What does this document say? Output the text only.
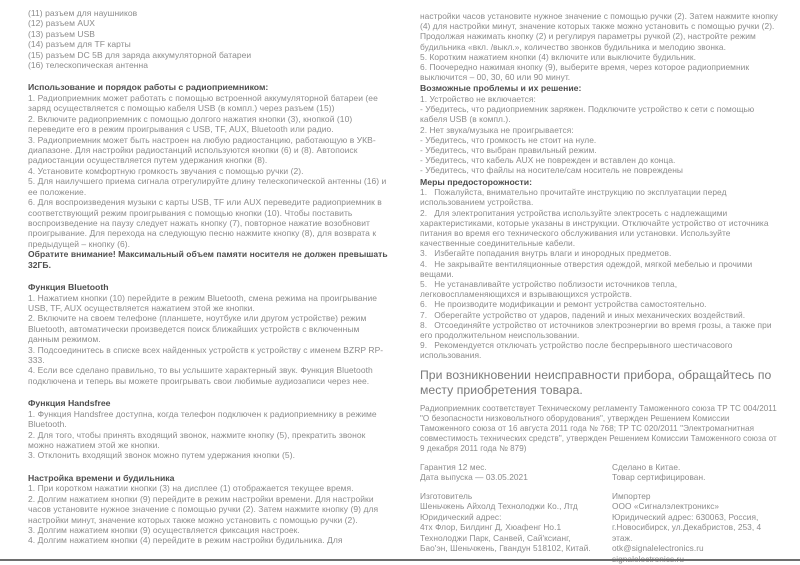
(11) разъем для наушников

(12) разъем AUX

(13) разъем USB

(14) разъем для TF карты

(15) разъем DC 5B для заряда аккумуляторной батареи

(16) телескопическая антенна

Использование и порядок работы с радиоприемником:

1. Радиоприемник может работать с помощью встроенной аккумуляторной батареи (ее заряд осуществляется с помощью кабеля USB (в компл.) через разъем (15))

2. Включите радиоприемник с помощью долгого нажатия кнопки (3), кнопкой (10) переведите его в режим проигрывания с USB, TF, AUX, Bluetooth или радио.

3. Радиоприемник может быть настроен на любую радиостанцию, работающую в УКВ-диапазоне. Для настройки радиостанций используются кнопки (6) и (8). Автопоиск радиостанции осуществляется путем удержания кнопки (8).

4. Установите комфортную громкость звучания с помощью ручки (2).

5. Для наилучшего приема сигнала отрегулируйте длину телескопической антенны (16) и ее положение.

6. Для воспроизведения музыки с карты USB, TF или AUX переведите радиоприемник в соответствующий режим проигрывания с помощью кнопки (10). Чтобы поставить воспроизведение на паузу следует нажать кнопку (7), повторное нажатие возобновит проигрывание. Для перехода на следующую песню нажмите кнопку (8), для возврата к предыдущей – кнопку (6).

Обратите внимание! Максимальный объем памяти носителя не должен превышать 32ГБ.

Функция Bluetooth

1. Нажатием кнопки (10) перейдите в режим Bluetooth, смена режима на проигрывание USB, TF, AUX осуществляется нажатием этой же кнопки.

2. Включите на своем телефоне (планшете, ноутбуке или другом устройстве) режим Bluetooth, автоматически произведется поиск ближайших устройств с включенным данным режимом.

3. Подсоединитесь в списке всех найденных устройств к устройству с именем BZRP RP-333.

4. Если все сделано правильно, то вы услышите характерный звук. Функция Bluetooth подключена и теперь вы можете проигрывать свои любимые аудиозаписи через нее.

Функция Handsfree

1. Функция Handsfree доступна, когда телефон подключен к радиоприемнику в режиме Bluetooth.

2. Для того, чтобы принять входящий звонок, нажмите кнопку (5), прекратить звонок можно нажатием этой же кнопки.

3. Отклонить входящий звонок можно путем удержания кнопки (5).

Настройка времени и будильника

1. При коротком нажатии кнопки (3) на дисплее (1) отображается текущее время.

2. Долгим нажатием кнопки (9) перейдите в режим настройки времени. Для настройки часов установите нужное значение с помощью ручки (2). Затем нажмите кнопку (9) для настройки минут, значение которых также можно установить с помощью ручки (2).

3. Долгим нажатием кнопки (9) осуществляется фиксация настроек.

4. Долгим нажатием кнопки (4) перейдите в режим настройки будильника. Для

настройки часов установите нужное значение с помощью ручки (2). Затем нажмите кнопку (4) для настройки минут, значение которых также можно установить с помощью ручки (2). Продолжая нажимать кнопку (2) и регулируя параметры ручкой (2), настройте режим будильника «вкл. /выкл.», количество звонков будильника и мелодию звонка.

5. Коротким нажатием кнопки (4) включите или выключите будильник.

6. Поочередно нажимая кнопку (9), выберите время, через которое радиоприемник выключится – 00, 30, 60 или 90 минут.

Возможные проблемы и их решение:

1. Устройство не включается:

- Убедитесь, что радиоприемник заряжен. Подключите устройство к сети с помощью кабеля USB (в компл.).

2. Нет звука/музыка не проигрывается:

- Убедитесь, что громкость не стоит на нуле.

- Убедитесь, что выбран правильный режим.

- Убедитесь, что кабель AUX не поврежден и вставлен до конца.

- Убедитесь, что файлы на носителе/сам носитель не повреждены

Меры предосторожности:

1.   Пожалуйста, внимательно прочитайте инструкцию по эксплуатации перед использованием устройства.

2.   Для электропитания устройства используйте электросеть с надлежащими характеристиками, которые указаны в инструкции. Отключайте устройство от источника питания во время его технического обслуживания или установки. Используйте качественные соединительные кабели.

3.   Избегайте попадания внутрь влаги и инородных предметов.

4.   Не закрывайте вентиляционные отверстия одеждой, мягкой мебелью и прочими вещами.

5.   Не устанавливайте устройство поблизости источников тепла, легковоспламеняющихся и взрывающихся устройств.

6.   Не производите модификации и ремонт устройства самостоятельно.

7.   Оберегайте устройство от ударов, падений и иных механических воздействий.

8.   Отсоединяйте устройство от источников электроэнергии во время грозы, а также при его продолжительном неиспользовании.

9.   Рекомендуется отключать устройство после беспрерывного шестичасового использования.

При возникновении неисправности прибора, обращайтесь по месту приобретения товара.

Радиоприемник соответствует Техническому регламенту Таможенного союза ТР ТС 004/2011 "О безопасности низковольтного оборудования", утвержден Решением Комиссии Таможенного союза от 16 августа 2011 года № 768; ТР ТС 020/2011 "Электромагнитная совместимость технических средств", утвержден Решением Комиссии Таможенного союза от 9 декабря 2011 года № 879)

Гарантия 12 мес.

Дата выпуска — 03.05.2021

Сделано в Китае.

Товар сертифицирован.

Изготовитель

Шеньчжень Айхолд Технолоджи Ко., Лтд

Юридический адрес:

4тх Флор, Билдинг Д, Хюафенг Но.1

Технолоджи Парк, Санвей, Сай'ксианг,

Бао'эн, Шеньчжень, Гвандун 518102, Китай.

Импортер

ООО «Сигналэлектроникс»

Юридический адрес: 630063, Россия,

г.Новосибирск, ул.Декабристов, 253, 4 этаж.

otk@signalelectronics.ru
